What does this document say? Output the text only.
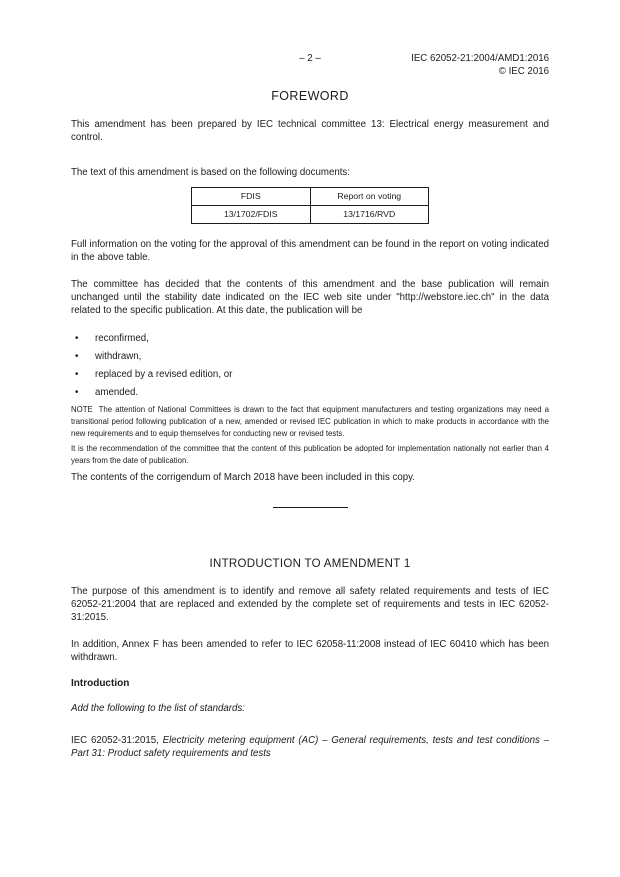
– 2 –	IEC 62052-21:2004/AMD1:2016
© IEC 2016
FOREWORD

This amendment has been prepared by IEC technical committee 13: Electrical energy measurement and control.

The text of this amendment is based on the following documents:

FDIS	Report on voting
13/1702/FDIS	13/1716/RVD

Full information on the voting for the approval of this amendment can be found in the report on voting indicated in the above table.

The committee has decided that the contents of this amendment and the base publication will remain unchanged until the stability date indicated on the IEC web site under "http://webstore.iec.ch" in the data related to the specific publication. At this date, the publication will be

• reconfirmed,
• withdrawn,
• replaced by a revised edition, or
• amended.

NOTE The attention of National Committees is drawn to the fact that equipment manufacturers and testing organizations may need a transitional period following publication of a new, amended or revised IEC publication in which to make products in accordance with the new requirements and to equip themselves for conducting new or revised tests.

It is the recommendation of the committee that the content of this publication be adopted for implementation nationally not earlier than 4 years from the date of publication.

The contents of the corrigendum of March 2018 have been included in this copy.

INTRODUCTION TO AMENDMENT 1

The purpose of this amendment is to identify and remove all safety related requirements and tests of IEC 62052-21:2004 that are replaced and extended by the complete set of requirements and tests in IEC 62052-31:2015.

In addition, Annex F has been amended to refer to IEC 62058-11:2008 instead of IEC 60410 which has been withdrawn.

Introduction

Add the following to the list of standards:

IEC 62052-31:2015, Electricity metering equipment (AC) – General requirements, tests and test conditions – Part 31: Product safety requirements and tests
